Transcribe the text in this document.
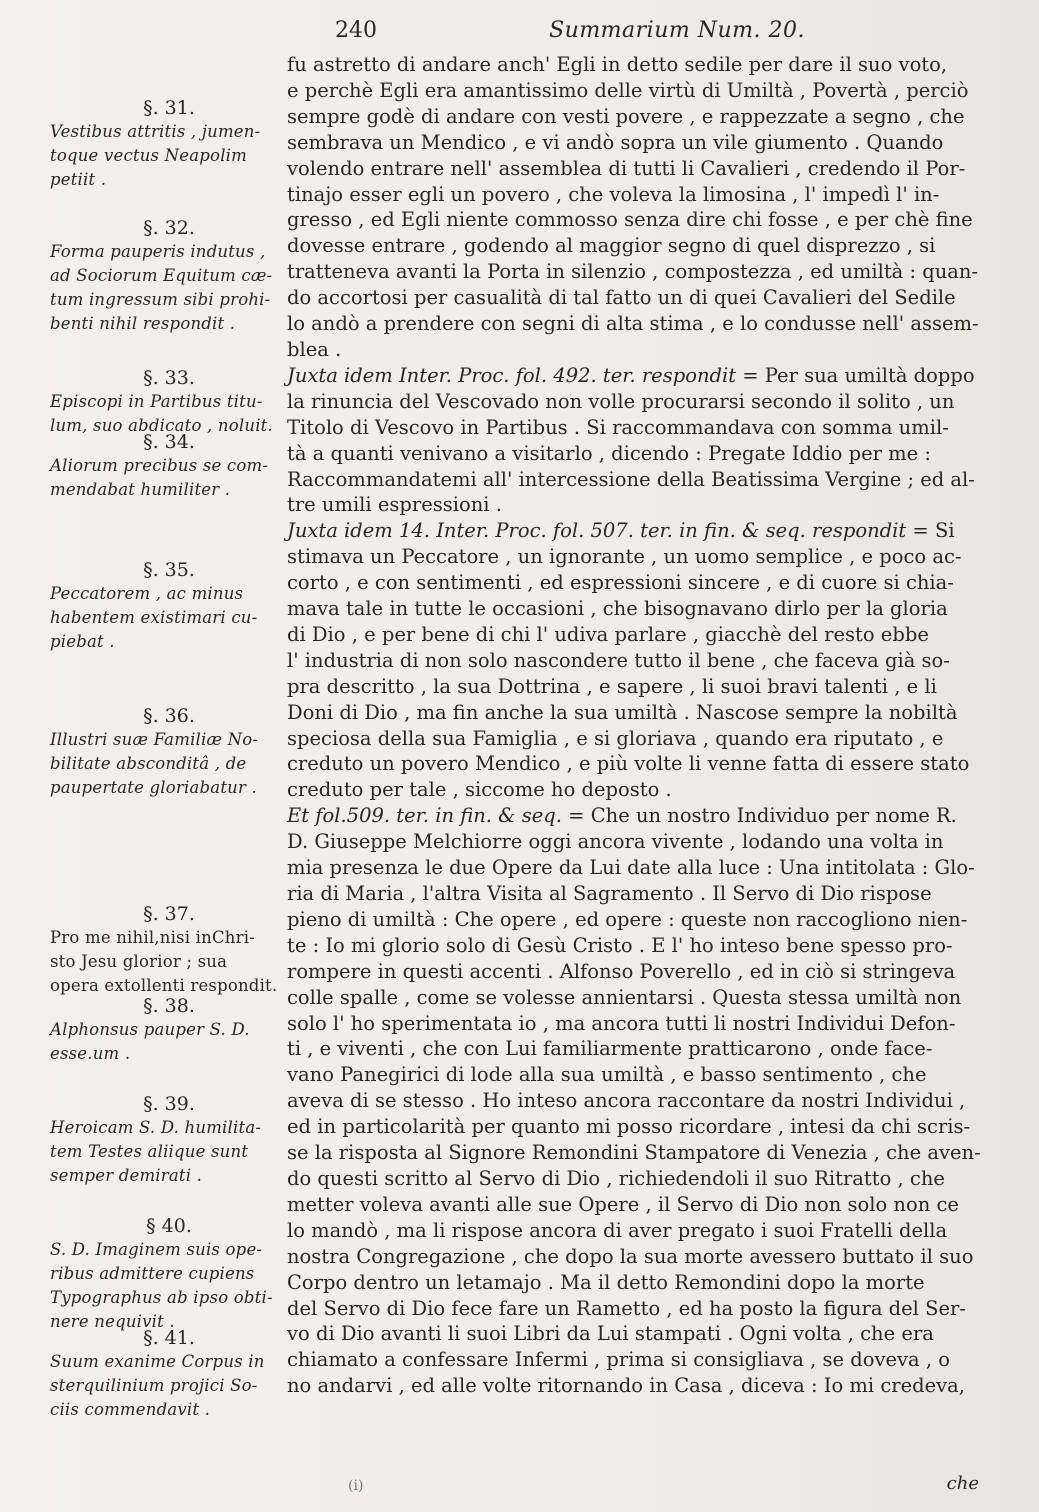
240	Summarium Num. 20.
§. 31.
Vestibus attritis , jumen-
toque vectus Neapolim
petiit .
§. 32.
Forma pauperis indutus ,
ad Sociorum Equitum cæ-
tum ingressum sibi prohi-
benti nihil respondit .
§. 33.
Episcopi in Partibus titu-
lum, suo abdicato , noluit.
§. 34.
Aliorum precibus se com-
mendabat humiliter .
§. 35.
Peccatorem , ac minus
habentem existimari cu-
piebat .
§. 36.
Illustri suæ Familiæ No-
bilitate absconditâ , de
paupertate gloriabatur .
§. 37.
Pro me nihil,nisi inChri-
sto Jesu glorior ; sua
opera extollenti respondit.
§. 38.
Alphonsus pauper S. D.
esse.um .
§. 39.
Heroicam S. D. humilita-
tem Testes aliique sunt
semper demirati .
§ 40.
S. D. Imaginem suis ope-
ribus admittere cupiens
Typographus ab ipso obti-
nere nequivit .
§. 41.
Suum exanime Corpus in
sterquilinium projici So-
ciis commendavit .

fu astretto di andare anch' Egli in detto sedile per dare il suo voto,
e perchè Egli era amantissimo delle virtù di Umiltà , Povertà , perciò
sempre godè di andare con vesti povere , e rappezzate a segno , che
sembrava un Mendico , e vi andò sopra un vile giumento . Quando
volendo entrare nell' assemblea di tutti li Cavalieri , credendo il Por-
tinajo esser egli un povero , che voleva la limosina , l' impedì l' in-
gresso , ed Egli niente commosso senza dire chi fosse , e per chè fine
dovesse entrare , godendo al maggior segno di quel disprezzo , si
tratteneva avanti la Porta in silenzio , compostezza , ed umiltà : quan-
do accortosi per casualità di tal fatto un di quei Cavalieri del Sedile
lo andò a prendere con segni di alta stima , e lo condusse nell' assem-
blea .

Juxta idem Inter. Proc. fol. 492. ter. respondit = Per sua umiltà doppo
la rinuncia del Vescovado non volle procurarsi secondo il solito , un
Titolo di Vescovo in Partibus . Si raccommandava con somma umil-
tà a quanti venivano a visitarlo , dicendo : Pregate Iddio per me :
Raccommandatemi all' intercessione della Beatissima Vergine ; ed al-
tre umili espressioni .

Juxta idem 14. Inter. Proc. fol. 507. ter. in fin. & seq. respondit = Si
stimava un Peccatore , un ignorante , un uomo semplice , e poco ac-
corto , e con sentimenti , ed espressioni sincere , e di cuore si chia-
mava tale in tutte le occasioni , che bisognavano dirlo per la gloria
di Dio , e per bene di chi l' udiva parlare , giacchè del resto ebbe
l' industria di non solo nascondere tutto il bene , che faceva già so-
pra descritto , la sua Dottrina , e sapere , li suoi bravi talenti , e li
Doni di Dio , ma fin anche la sua umiltà . Nascose sempre la nobiltà
speciosa della sua Famiglia , e si gloriava , quando era riputato , e
creduto un povero Mendico , e più volte li venne fatta di essere stato
creduto per tale , siccome ho deposto .

Et fol.509. ter. in fin. & seq. = Che un nostro Individuo per nome R.
D. Giuseppe Melchiorre oggi ancora vivente , lodando una volta in
mia presenza le due Opere da Lui date alla luce : Una intitolata : Glo-
ria di Maria , l'altra Visita al Sagramento . Il Servo di Dio rispose
pieno di umiltà : Che opere , ed opere : queste non raccogliono nien-
te : Io mi glorio solo di Gesù Cristo . E l' ho inteso bene spesso pro-
rompere in questi accenti . Alfonso Poverello , ed in ciò si stringeva
colle spalle , come se volesse annientarsi . Questa stessa umiltà non
solo l' ho sperimentata io , ma ancora tutti li nostri Individui Defon-
ti , e viventi , che con Lui familiarmente pratticarono , onde face-
vano Panegirici di lode alla sua umiltà , e basso sentimento , che
aveva di se stesso . Ho inteso ancora raccontare da nostri Individui ,
ed in particolarità per quanto mi posso ricordare , intesi da chi scris-
se la risposta al Signore Remondini Stampatore di Venezia , che aven-
do questi scritto al Servo di Dio , richiedendoli il suo Ritratto , che
metter voleva avanti alle sue Opere , il Servo di Dio non solo non ce
lo mandò , ma li rispose ancora di aver pregato i suoi Fratelli della
nostra Congregazione , che dopo la sua morte avessero buttato il suo
Corpo dentro un letamajo . Ma il detto Remondini dopo la morte
del Servo di Dio fece fare un Rametto , ed ha posto la figura del Ser-
vo di Dio avanti li suoi Libri da Lui stampati . Ogni volta , che era
chiamato a confessare Infermi , prima si consigliava , se doveva , o
no andarvi , ed alle volte ritornando in Casa , diceva : Io mi credeva,

che
(i)
